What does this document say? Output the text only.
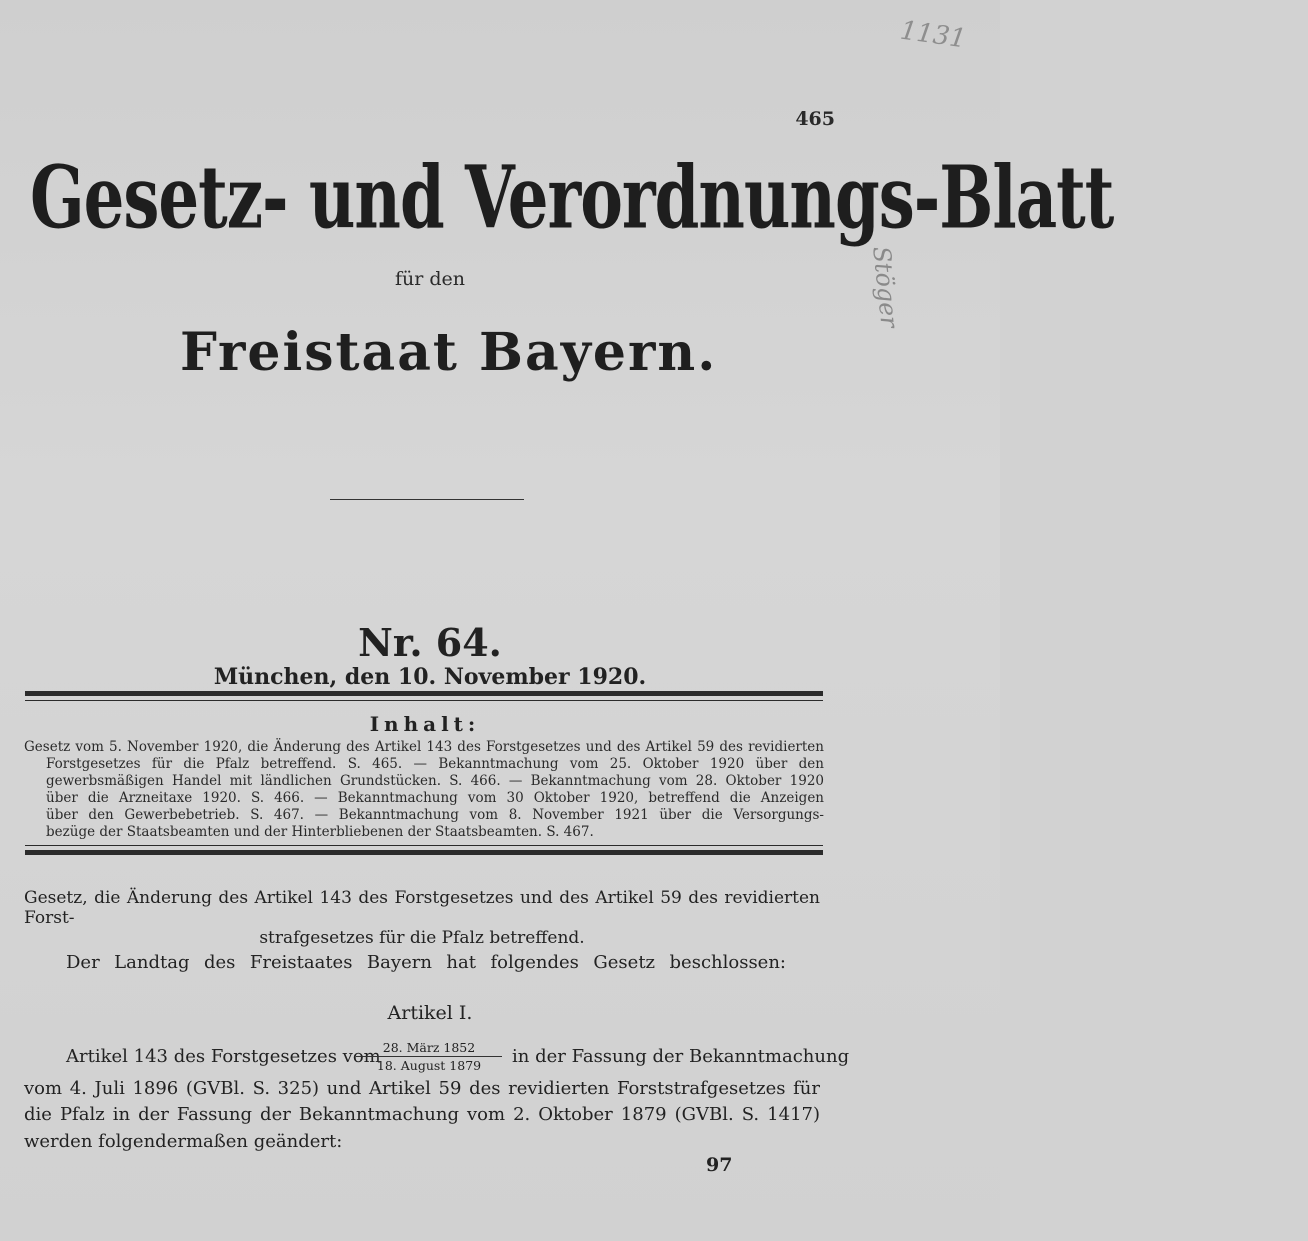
1131
Stöger
465
Gesetz- und Verordnungs-Blatt
für den
Freistaat Bayern.
Nr. 64.
München, den 10. November 1920.
Inhalt:
Gesetz vom 5. November 1920, die Änderung des Artikel 143 des Forstgesetzes und des Artikel 59 des revidierten
Forstgesetzes für die Pfalz betreffend. S. 465. — Bekanntmachung vom 25. Oktober 1920 über den
gewerbsmäßigen Handel mit ländlichen Grundstücken. S. 466. — Bekanntmachung vom 28. Oktober 1920
über die Arzneitaxe 1920. S. 466. — Bekanntmachung vom 30 Oktober 1920, betreffend die Anzeigen
über den Gewerbebetrieb. S. 467. — Bekanntmachung vom 8. November 1921 über die Versorgungs-
bezüge der Staatsbeamten und der Hinterbliebenen der Staatsbeamten. S. 467.
Gesetz, die Änderung des Artikel 143 des Forstgesetzes und des Artikel 59 des revidierten Forst-
strafgesetzes für die Pfalz betreffend.
Der Landtag des Freistaates Bayern hat folgendes Gesetz beschlossen:
Artikel I.
Artikel 143 des Forstgesetzes vom 28. März 1852
18. August 1879	in der Fassung der Bekanntmachung
vom 4. Juli 1896 (GVBl. S. 325) und Artikel 59 des revidierten Forststrafgesetzes für
die Pfalz in der Fassung der Bekanntmachung vom 2. Oktober 1879 (GVBl. S. 1417)
werden folgendermaßen geändert:
97
